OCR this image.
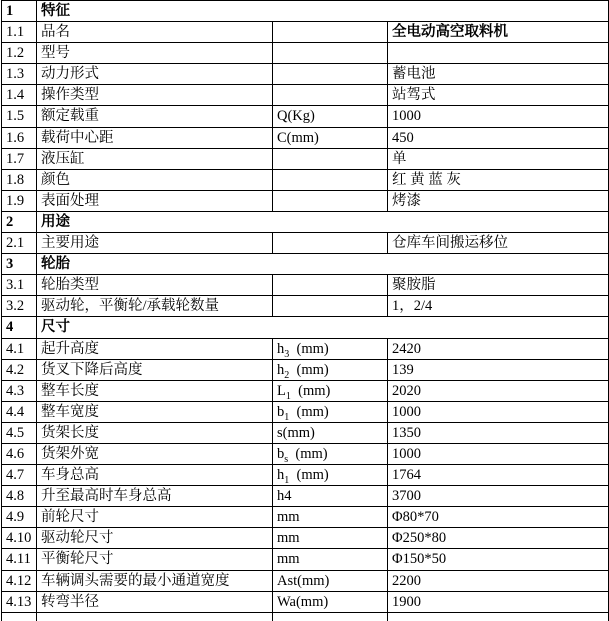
1	特征		
1.1	品名		全电动高空取料机
1.2	型号		
1.3	动力形式		蓄电池
1.4	操作类型		站驾式
1.5	额定载重	Q(Kg)	1000
1.6	载荷中心距	C(mm)	450
1.7	液压缸		单
1.8	颜色		红 黄 蓝 灰
1.9	表面处理		烤漆
2	用途		
2.1	主要用途		仓库车间搬运移位
3	轮胎		
3.1	轮胎类型		聚胺脂
3.2	驱动轮，平衡轮/承载轮数量		1，2/4
4	尺寸		
4.1	起升高度	$h_3$  (mm)	2420
4.2	货叉下降后高度	$h_2$  (mm)	139
4.3	整车长度	$L_1$  (mm)	2020
4.4	整车宽度	$b_1$  (mm)	1000
4.5	货架长度	s(mm)	1350
4.6	货架外宽	$b_s$  (mm)	1000
4.7	车身总高	$h_1$  (mm)	1764
4.8	升至最高时车身总高	h4	3700
4.9	前轮尺寸	mm	Φ80*70
4.10	驱动轮尺寸	mm	Φ250*80
4.11	平衡轮尺寸	mm	Φ150*50
4.12	车辆调头需要的最小通道宽度	Ast(mm)	2200
4.13	转弯半径	Wa(mm)	1900
